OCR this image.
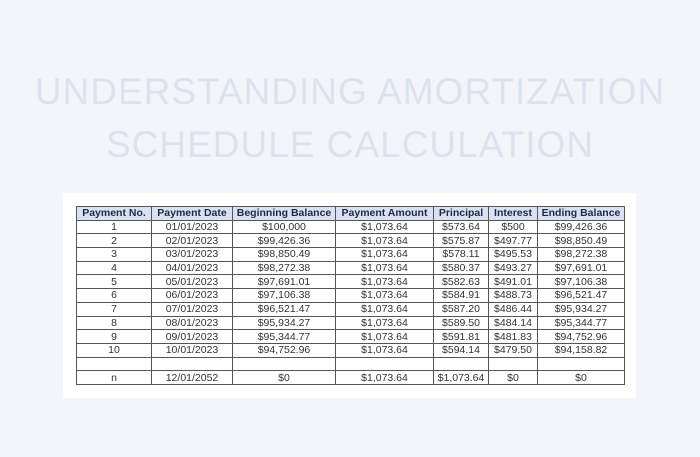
UNDERSTANDING AMORTIZATION
SCHEDULE CALCULATION
Payment No.	Payment Date	Beginning Balance	Payment Amount	Principal	Interest	Ending Balance
1	01/01/2023	$100,000	$1,073.64	$573.64	$500	$99,426.36
2	02/01/2023	$99,426.36	$1,073.64	$575.87	$497.77	$98,850.49
3	03/01/2023	$98,850.49	$1,073.64	$578.11	$495.53	$98,272.38
4	04/01/2023	$98,272.38	$1,073.64	$580.37	$493.27	$97,691.01
5	05/01/2023	$97,691.01	$1,073.64	$582.63	$491.01	$97,106.38
6	06/01/2023	$97,106.38	$1,073.64	$584.91	$488.73	$96,521.47
7	07/01/2023	$96,521.47	$1,073.64	$587.20	$486.44	$95,934.27
8	08/01/2023	$95,934.27	$1,073.64	$589.50	$484.14	$95,344.77
9	09/01/2023	$95,344.77	$1,073.64	$591.81	$481.83	$94,752.96
10	10/01/2023	$94,752.96	$1,073.64	$594.14	$479.50	$94,158.82

n	12/01/2052	$0	$1,073.64	$1,073.64	$0	$0
